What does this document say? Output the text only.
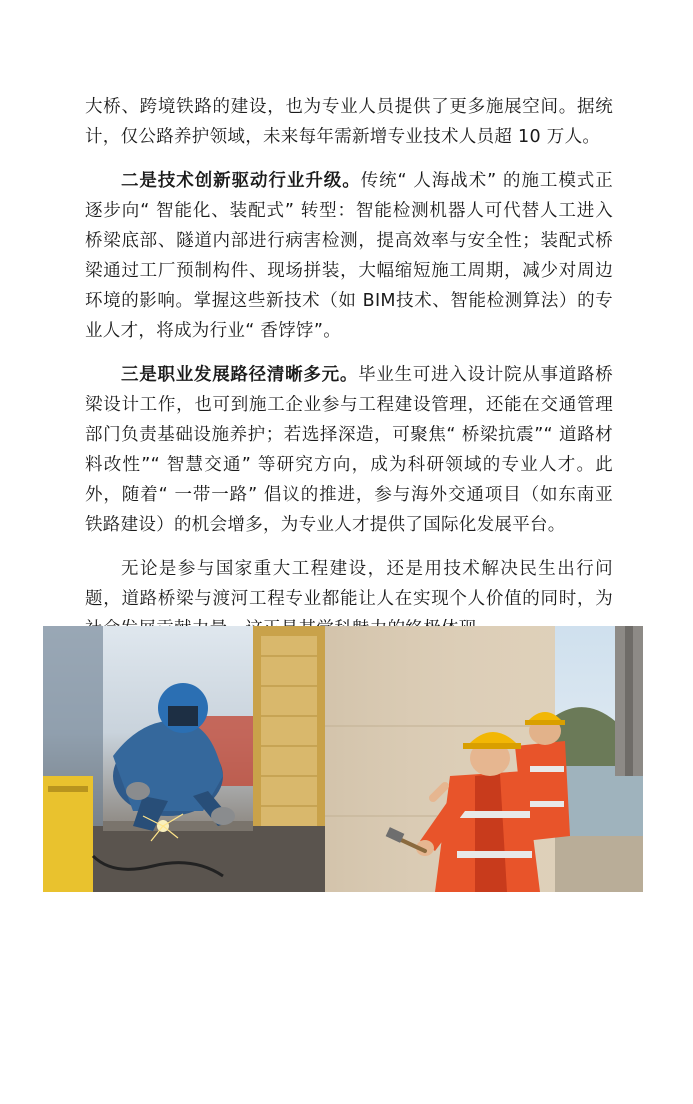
大桥、跨境铁路的建设，也为专业人员提供了更多施展空间。据统计，仅公路养护领域，未来每年需新增专业技术人员超 10 万人。

二是技术创新驱动行业升级。传统“ 人海战术” 的施工模式正逐步向“ 智能化、装配式” 转型：智能检测机器人可代替人工进入桥梁底部、隧道内部进行病害检测，提高效率与安全性；装配式桥梁通过工厂预制构件、现场拼装，大幅缩短施工周期，减少对周边环境的影响。掌握这些新技术（如 BIM技术、智能检测算法）的专业人才，将成为行业“ 香饽饽”。

三是职业发展路径清晰多元。毕业生可进入设计院从事道路桥梁设计工作，也可到施工企业参与工程建设管理，还能在交通管理部门负责基础设施养护；若选择深造，可聚焦“ 桥梁抗震”“ 道路材料改性”“ 智慧交通” 等研究方向，成为科研领域的专业人才。此外，随着“ 一带一路” 倡议的推进，参与海外交通项目（如东南亚铁路建设）的机会增多，为专业人才提供了国际化发展平台。

无论是参与国家重大工程建设，还是用技术解决民生出行问题，道路桥梁与渡河工程专业都能让人在实现个人价值的同时，为
